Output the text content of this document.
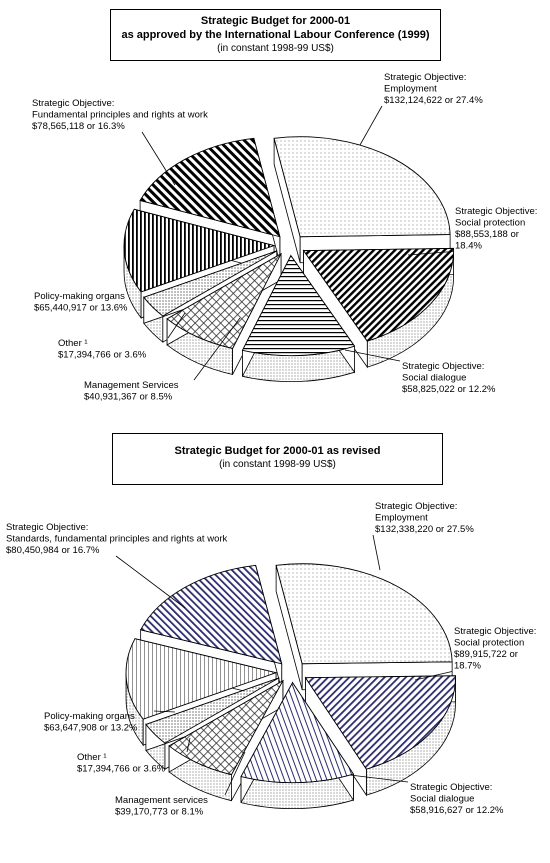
Strategic Budget for 2000-01
as approved by the International Labour Conference (1999)
(in constant 1998-99 US$)
Strategic Budget for 2000-01 as revised
(in constant 1998-99 US$)
Strategic Objective: Employment $132,124,622 or 27.4%
Strategic Objective: Social protection $88,553,188 or 18.4%
Strategic Objective: Social dialogue $58,825,022 or 12.2%
Management Services $40,931,367 or 8.5%
Other ¹ $17,394,766 or 3.6%
Policy-making organs $65,440,917 or 13.6%
Strategic Objective: Fundamental principles and rights at work $78,565,118 or 16.3%
Strategic Objective: Employment $132,338,220 or 27.5%
Strategic Objective: Social protection $89,915,722 or 18.7%
Strategic Objective: Social dialogue $58,916,627 or 12.2%
Management services $39,170,773 or 8.1%
Other ¹ $17,394,766 or 3.6%
Policy-making organs $63,647,908 or 13.2%
Strategic Objective: Standards, fundamental principles and rights at work $80,450,984 or 16.7%
